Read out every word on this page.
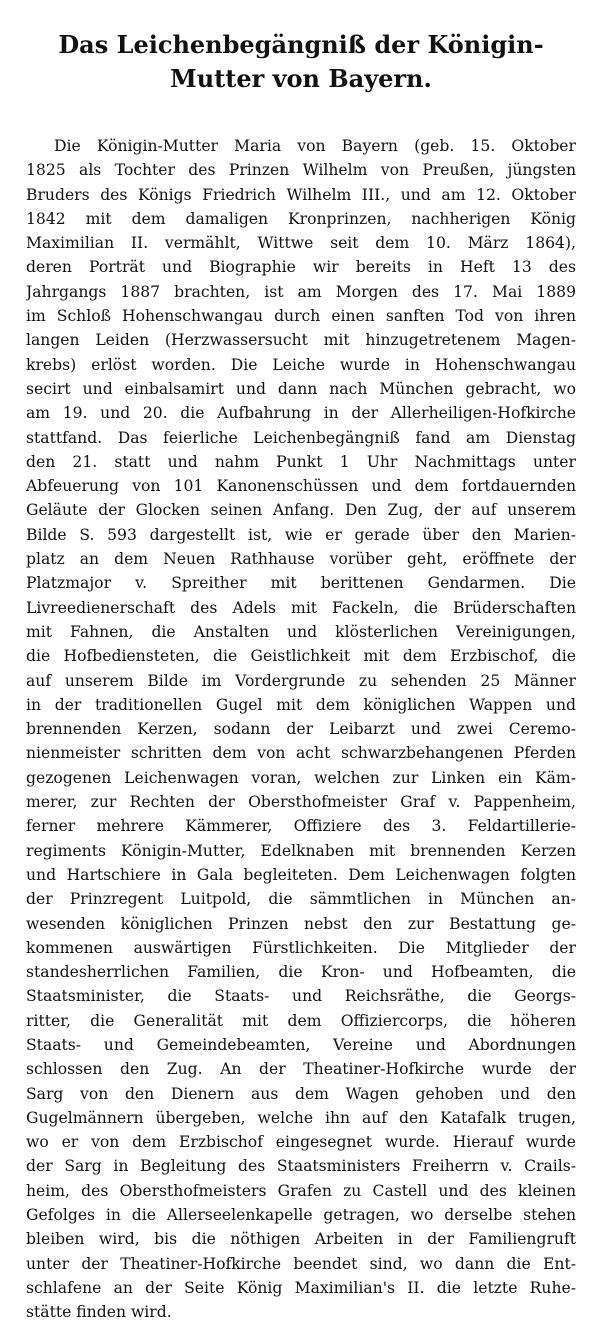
Das Leichenbegängniß der Königin-Mutter von Bayern.
Die Königin-Mutter Maria von Bayern (geb. 15. Oktober
1825 als Tochter des Prinzen Wilhelm von Preußen, jüngsten
Bruders des Königs Friedrich Wilhelm III., und am 12. Oktober
1842 mit dem damaligen Kronprinzen, nachherigen König
Maximilian II. vermählt, Wittwe seit dem 10. März 1864),
deren Porträt und Biographie wir bereits in Heft 13 des
Jahrgangs 1887 brachten, ist am Morgen des 17. Mai 1889
im Schloß Hohenschwangau durch einen sanften Tod von ihren
langen Leiden (Herzwassersucht mit hinzugetretenem Magen-
krebs) erlöst worden. Die Leiche wurde in Hohenschwangau
secirt und einbalsamirt und dann nach München gebracht, wo
am 19. und 20. die Aufbahrung in der Allerheiligen-Hofkirche
stattfand. Das feierliche Leichenbegängniß fand am Dienstag
den 21. statt und nahm Punkt 1 Uhr Nachmittags unter
Abfeuerung von 101 Kanonenschüssen und dem fortdauernden
Geläute der Glocken seinen Anfang. Den Zug, der auf unserem
Bilde S. 593 dargestellt ist, wie er gerade über den Marien-
platz an dem Neuen Rathhause vorüber geht, eröffnete der
Platzmajor v. Spreither mit berittenen Gendarmen. Die
Livreedienerschaft des Adels mit Fackeln, die Brüderschaften
mit Fahnen, die Anstalten und klösterlichen Vereinigungen,
die Hofbediensteten, die Geistlichkeit mit dem Erzbischof, die
auf unserem Bilde im Vordergrunde zu sehenden 25 Männer
in der traditionellen Gugel mit dem königlichen Wappen und
brennenden Kerzen, sodann der Leibarzt und zwei Ceremo-
nienmeister schritten dem von acht schwarzbehangenen Pferden
gezogenen Leichenwagen voran, welchen zur Linken ein Käm-
merer, zur Rechten der Obersthofmeister Graf v. Pappenheim,
ferner mehrere Kämmerer, Offiziere des 3. Feldartillerie-
regiments Königin-Mutter, Edelknaben mit brennenden Kerzen
und Hartschiere in Gala begleiteten. Dem Leichenwagen folgten
der Prinzregent Luitpold, die sämmtlichen in München an-
wesenden königlichen Prinzen nebst den zur Bestattung ge-
kommenen auswärtigen Fürstlichkeiten. Die Mitglieder der
standesherrlichen Familien, die Kron- und Hofbeamten, die
Staatsminister, die Staats- und Reichsräthe, die Georgs-
ritter, die Generalität mit dem Offiziercorps, die höheren
Staats- und Gemeindebeamten, Vereine und Abordnungen
schlossen den Zug. An der Theatiner-Hofkirche wurde der
Sarg von den Dienern aus dem Wagen gehoben und den
Gugelmännern übergeben, welche ihn auf den Katafalk trugen,
wo er von dem Erzbischof eingesegnet wurde. Hierauf wurde
der Sarg in Begleitung des Staatsministers Freiherrn v. Crails-
heim, des Obersthofmeisters Grafen zu Castell und des kleinen
Gefolges in die Allerseelenkapelle getragen, wo derselbe stehen
bleiben wird, bis die nöthigen Arbeiten in der Familiengruft
unter der Theatiner-Hofkirche beendet sind, wo dann die Ent-
schlafene an der Seite König Maximilian's II. die letzte Ruhe-
stätte finden wird.
